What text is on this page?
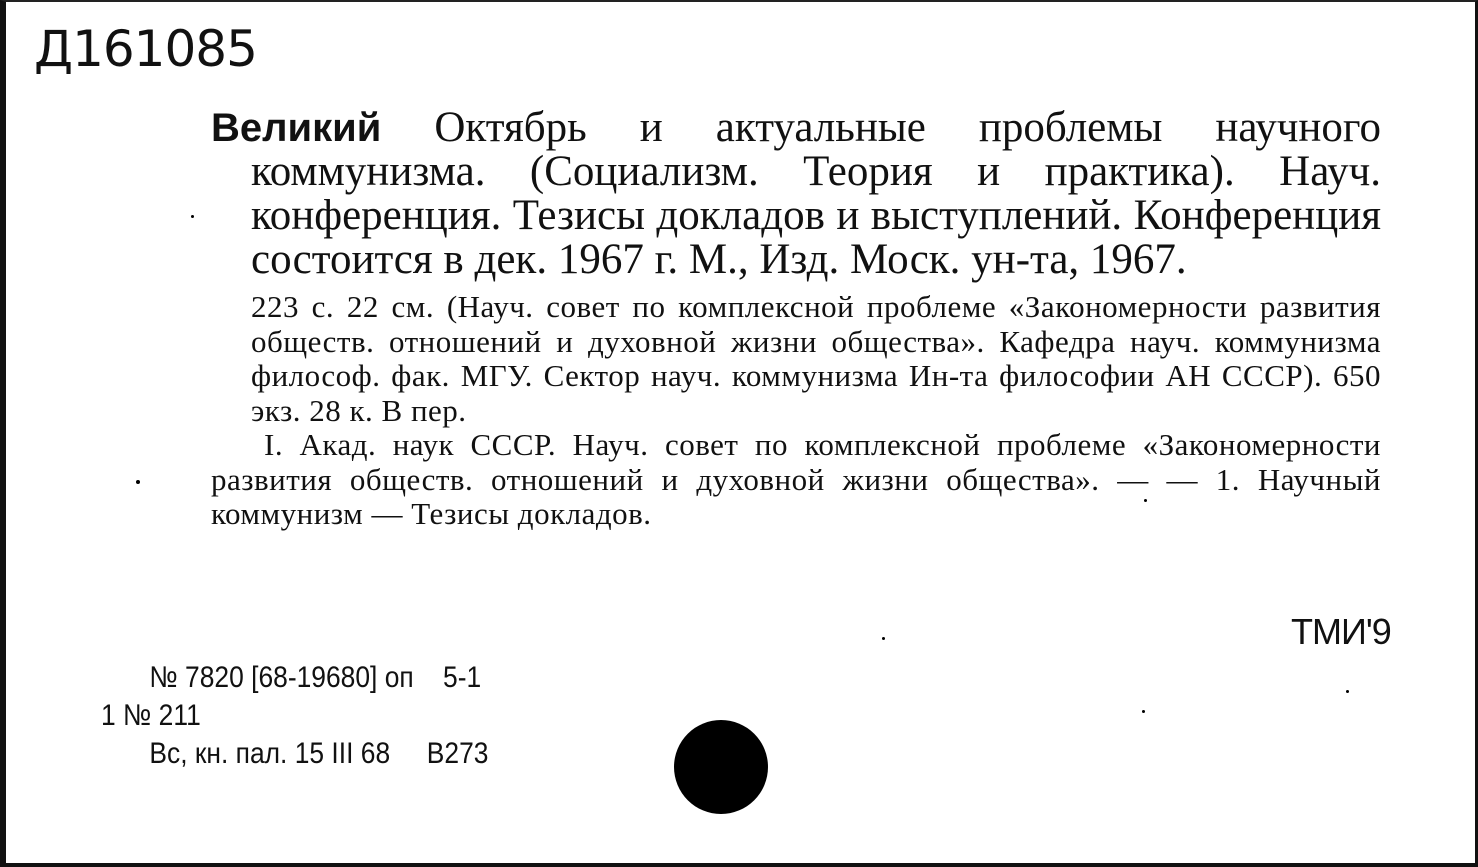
Д161085

Великий Октябрь и актуальные проблемы научного коммунизма. (Социализм. Теория и практика). Науч. конференция. Тезисы докладов и выступлений. Конференция состоится в дек. 1967 г. М., Изд. Моск. ун-та, 1967.

223 с. 22 см. (Науч. совет по комплексной проблеме «Закономерности развития обществ. отношений и духовной жизни общества». Кафедра науч. коммунизма философ. фак. МГУ. Сектор науч. коммунизма Ин-та философии АН СССР). 650 экз. 28 к. В пер.

I. Акад. наук СССР. Науч. совет по комплексной проблеме «Закономерности развития обществ. отношений и духовной жизни общества». — — 1. Научный коммунизм — Тезисы докладов.

ТМИ'9
№ 7820 [68-19680] оп    5-1
1 № 211
Вс, кн. пал. 15 III 68     В273
